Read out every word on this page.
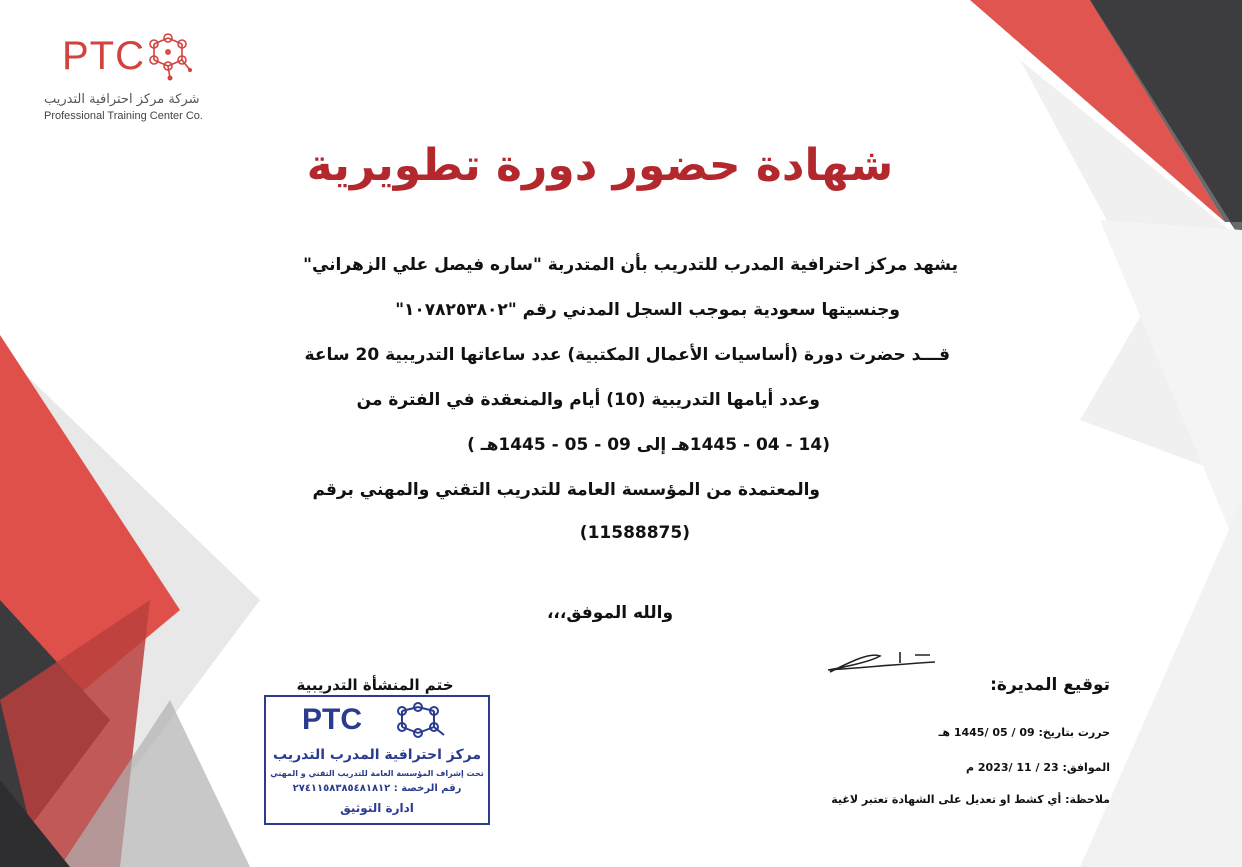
PTC
شركة مركز احترافية التدريب
Professional Training Center Co.
شهادة حضور دورة تطويرية
يشهد مركز احترافية المدرب للتدريب بأن المتدربة "ساره فيصل علي الزهراني"
وجنسيتها سعودية بموجب السجل المدني رقم "١٠٧٨٢٥٣٨٠٢"
قـــد حضرت دورة (أساسيات الأعمال المكتبية) عدد ساعاتها التدريبية 20 ساعة
وعدد أيامها التدريبية (10) أيام والمنعقدة في الفترة من
(14 - 04 - 1445هـ إلى 09 - 05 - 1445هـ )
والمعتمدة من المؤسسة العامة للتدريب التقني والمهني برقم
(11588875)
والله الموفق،،،
توقيع المديرة:
ختم المنشأة التدريبية
حررت بتاريخ: 09 / 05 /1445 هـ
الموافق: 23 / 11 /2023 م
ملاحظة: أي كشط او تعديل على الشهادة تعتبر لاغية
PTC
مركز احترافية المدرب التدريب
تحت إشراف المؤسسة العامة للتدريب التقني و المهني
رقم الرخصة : ٢٧٤١١٥٨٣٨٥٤٨١٨١٢
ادارة التوثيق
